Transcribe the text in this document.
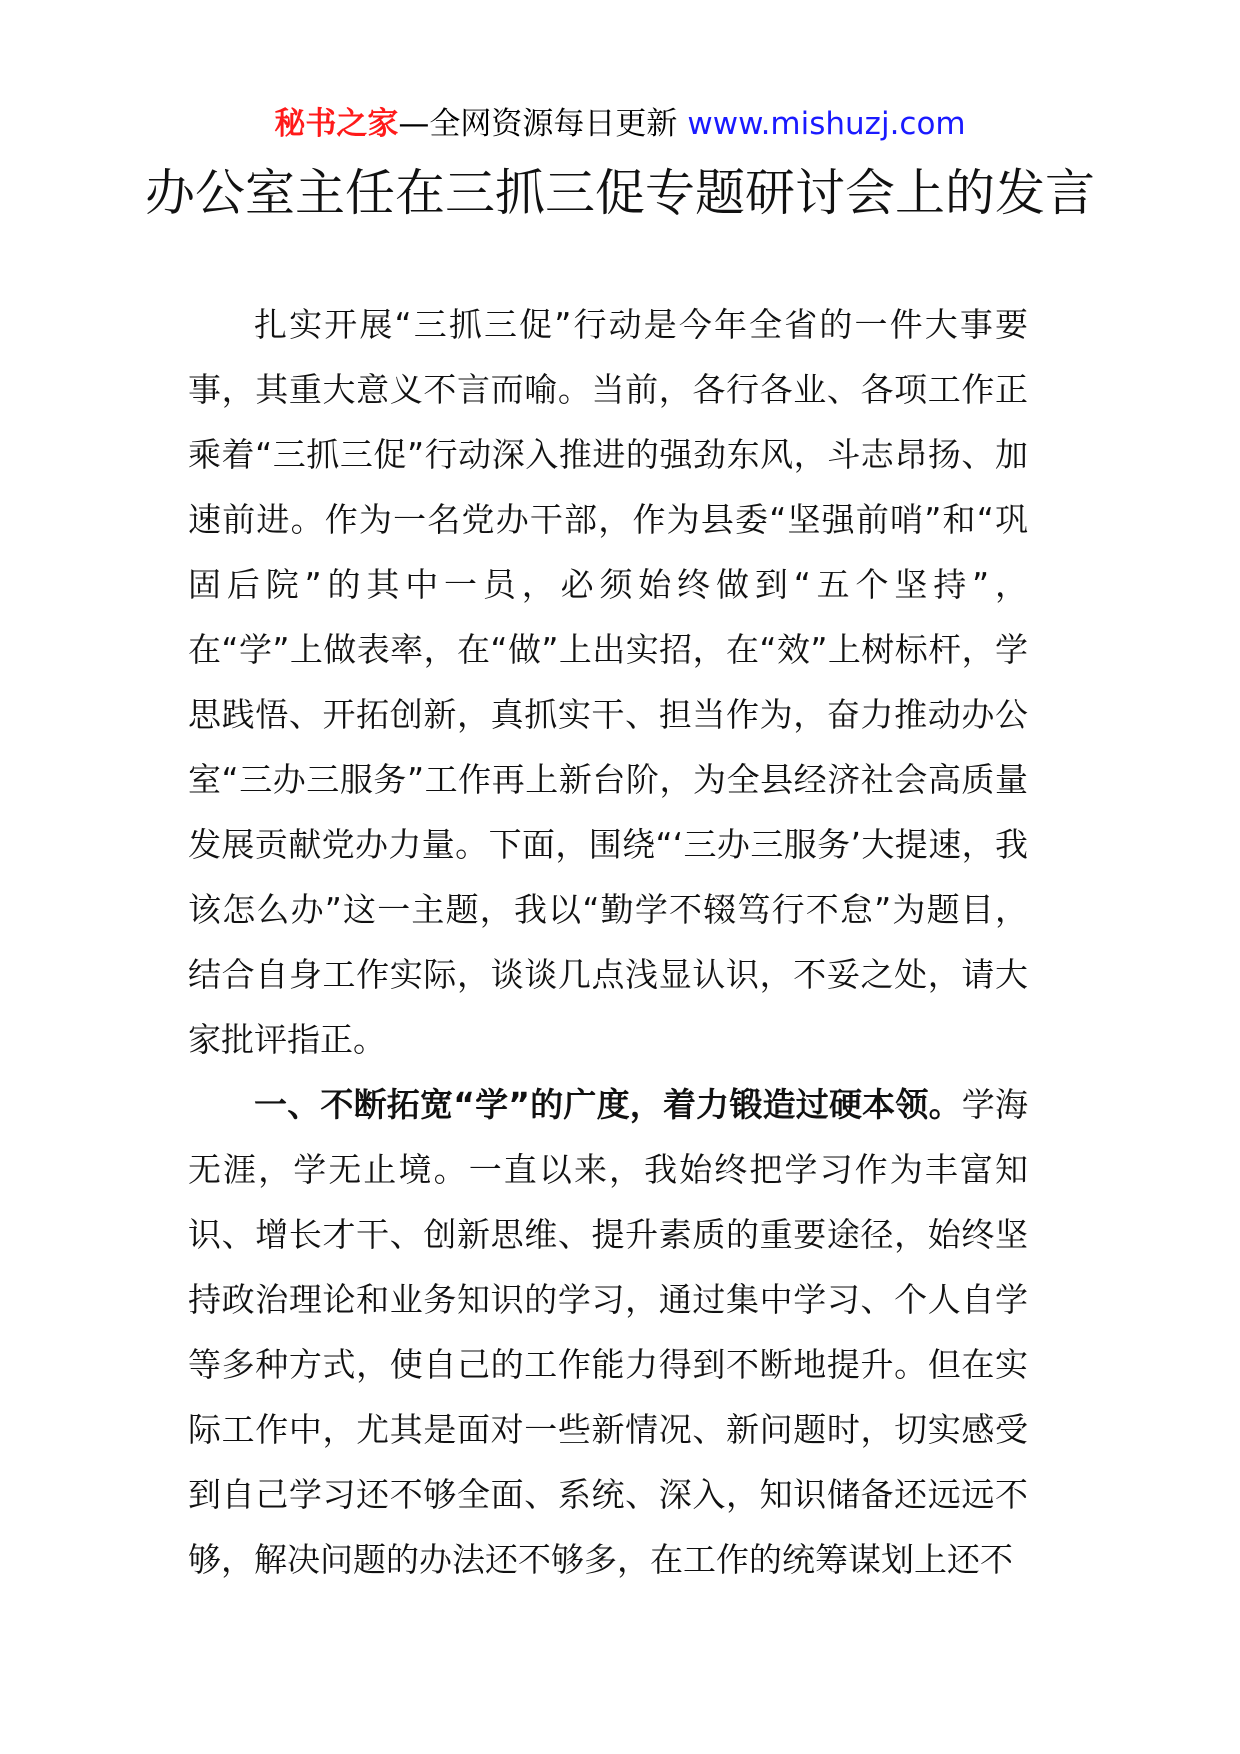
秘书之家—全网资源每日更新 www.mishuzj.com
办公室主任在三抓三促专题研讨会上的发言

扎实开展“三抓三促”行动是今年全省的一件大事要事，其重大意义不言而喻。当前，各行各业、各项工作正乘着“三抓三促”行动深入推进的强劲东风，斗志昂扬、加速前进。作为一名党办干部，作为县委“坚强前哨”和“巩固后院”的其中一员，必须始终做到“五个坚持”，在“学”上做表率，在“做”上出实招，在“效”上树标杆，学思践悟、开拓创新，真抓实干、担当作为，奋力推动办公室“三办三服务”工作再上新台阶，为全县经济社会高质量发展贡献党办力量。下面，围绕“‘三办三服务’大提速，我该怎么办”这一主题，我以“勤学不辍笃行不怠”为题目，结合自身工作实际，谈谈几点浅显认识，不妥之处，请大家批评指正。

一、不断拓宽“学”的广度，着力锻造过硬本领。学海无涯，学无止境。一直以来，我始终把学习作为丰富知识、增长才干、创新思维、提升素质的重要途径，始终坚持政治理论和业务知识的学习，通过集中学习、个人自学等多种方式，使自己的工作能力得到不断地提升。但在实际工作中，尤其是面对一些新情况、新问题时，切实感受到自己学习还不够全面、系统、深入，知识储备还远远不够，解决问题的办法还不够多，在工作的统筹谋划上还不
